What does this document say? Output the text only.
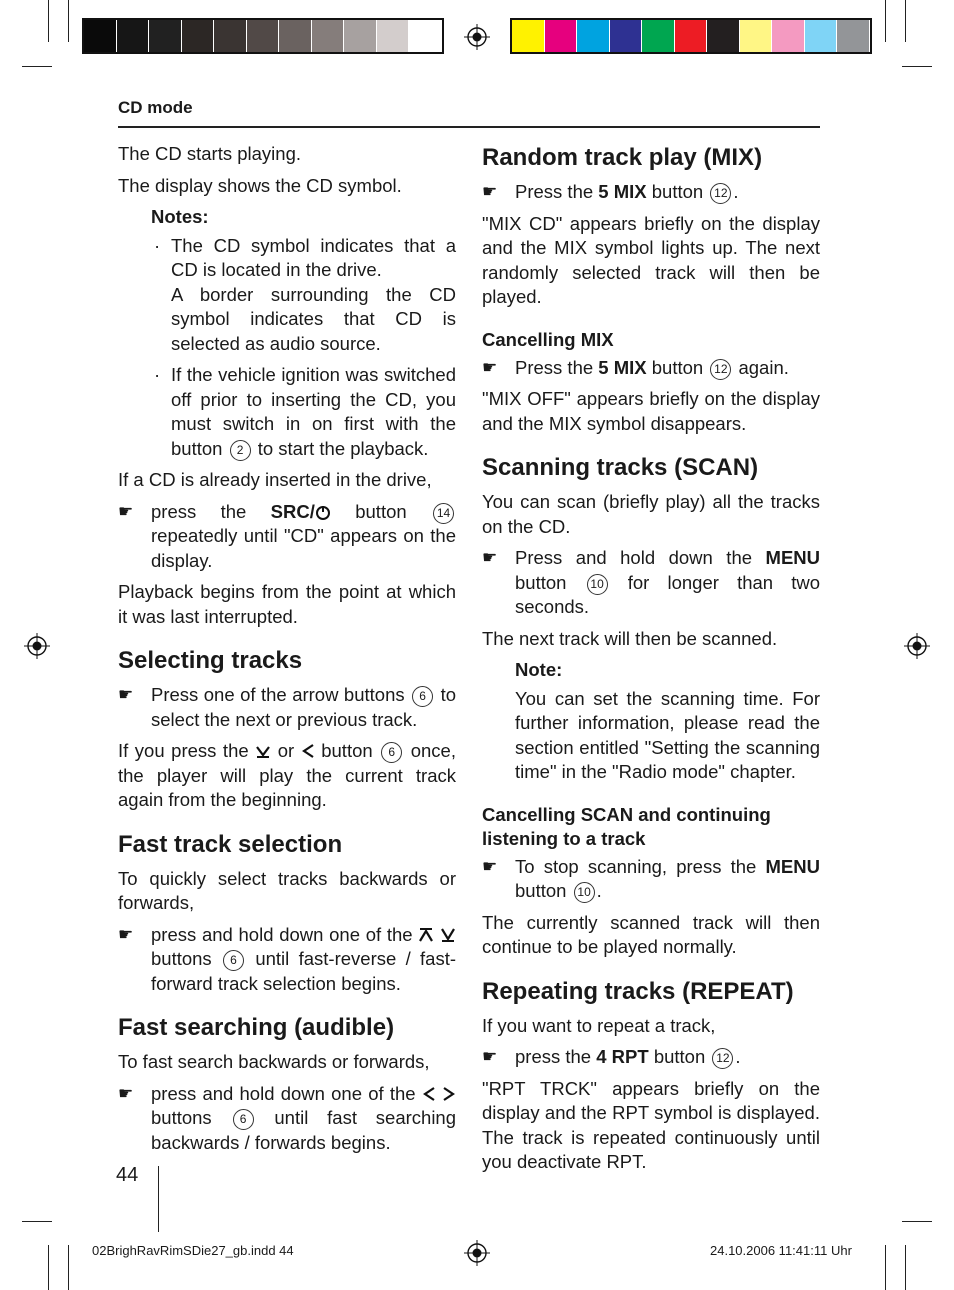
CD mode

The CD starts playing.

The display shows the CD symbol.

Notes:
· The CD symbol indicates that a CD is located in the drive.
A border surrounding the CD symbol indicates that CD is selected as audio source.
· If the vehicle ignition was switched off prior to inserting the CD, you must switch in on first with the button 2 to start the playback.

If a CD is already inserted in the drive,

☛ press the SRC/ button	14 repeatedly until "CD" appears on the display.

Playback begins from the point at which it was last interrupted.

Selecting tracks
☛ Press one of the arrow buttons 6 to select the next or previous track.

If you press the or button 6 once, the player will play the current track again from the beginning.

Fast track selection

To quickly select tracks backwards or forwards,

☛ press and hold down one of the   buttons 6 until fast-reverse / fast-forward track selection begins.
Fast searching (audible)

To fast search backwards or forwards,

☛ press and hold down one of the   buttons 6 until fast searching backwards / forwards begins.
Random track play (MIX)
☛ Press the 5 MIX button 12 .

"MIX CD" appears briefly on the display and the MIX symbol lights up. The next randomly selected track will then be played.

Cancelling MIX
☛ Press the 5 MIX button 12 again.

"MIX OFF" appears briefly on the display and the MIX symbol disappears.

Scanning tracks (SCAN)

You can scan (briefly play) all the tracks on the CD.

☛ Press and hold down the MENU button 10 for longer than two seconds.

The next track will then be scanned.

Note:

You can set the scanning time. For further information, please read the section entitled "Setting the scanning time" in the "Radio mode" chapter.

Cancelling SCAN and continuing listening to a track
☛ To stop scanning, press the MENU button 10 .

The currently scanned track will then continue to be played normally.

Repeating tracks (REPEAT)

If you want to repeat a track,

☛ press the 4 RPT button 12 .

"RPT TRCK" appears briefly on the display and the RPT symbol is displayed. The track is repeated continuously until you deactivate RPT.

44
02BrighRavRimSDie27_gb.indd 44	24.10.2006 11:41:11 Uhr
